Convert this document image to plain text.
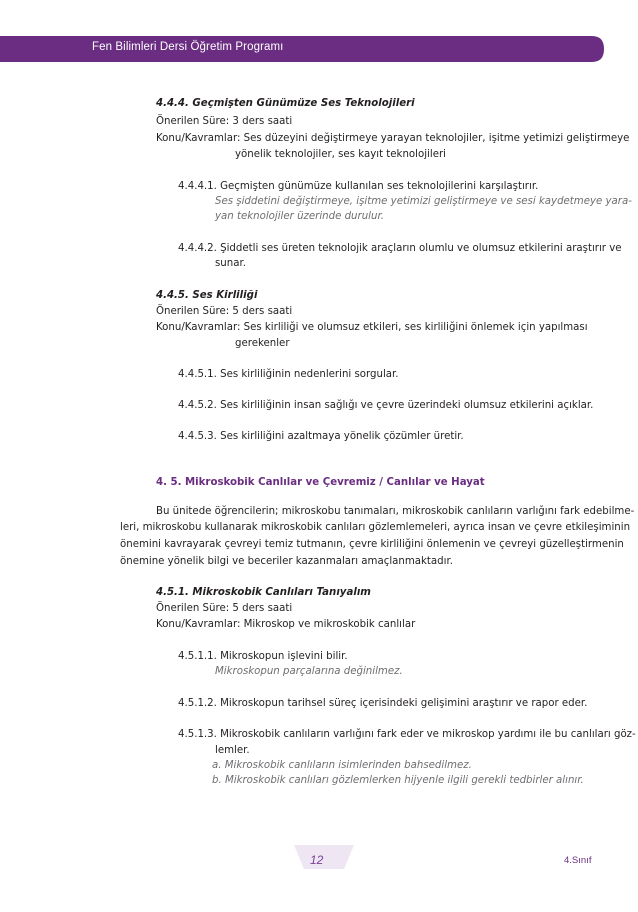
Fen Bilimleri Dersi Öğretim Programı
4.4.4. Geçmişten Günümüze Ses Teknolojileri
Önerilen Süre: 3 ders saati
Konu/Kavramlar: Ses düzeyini değiştirmeye yarayan teknolojiler, işitme yetimizi geliştirmeye
yönelik teknolojiler, ses kayıt teknolojileri
4.4.4.1. Geçmişten günümüze kullanılan ses teknolojilerini karşılaştırır.
Ses şiddetini değiştirmeye, işitme yetimizi geliştirmeye ve sesi kaydetmeye yara-
yan teknolojiler üzerinde durulur.
4.4.4.2. Şiddetli ses üreten teknolojik araçların olumlu ve olumsuz etkilerini araştırır ve
sunar.
4.4.5. Ses Kirliliği
Önerilen Süre: 5 ders saati
Konu/Kavramlar: Ses kirliliği ve olumsuz etkileri, ses kirliliğini önlemek için yapılması
gerekenler
4.4.5.1. Ses kirliliğinin nedenlerini sorgular.
4.4.5.2. Ses kirliliğinin insan sağlığı ve çevre üzerindeki olumsuz etkilerini açıklar.
4.4.5.3. Ses kirliliğini azaltmaya yönelik çözümler üretir.
4. 5. Mikroskobik Canlılar ve Çevremiz / Canlılar ve Hayat
Bu ünitede öğrencilerin; mikroskobu tanımaları, mikroskobik canlıların varlığını fark edebilme-
leri, mikroskobu kullanarak mikroskobik canlıları gözlemlemeleri, ayrıca insan ve çevre etkileşiminin
önemini kavrayarak çevreyi temiz tutmanın, çevre kirliliğini önlemenin ve çevreyi güzelleştirmenin
önemine yönelik bilgi ve beceriler kazanmaları amaçlanmaktadır.
4.5.1. Mikroskobik Canlıları Tanıyalım
Önerilen Süre: 5 ders saati
Konu/Kavramlar: Mikroskop ve mikroskobik canlılar
4.5.1.1. Mikroskopun işlevini bilir.
Mikroskopun parçalarına değinilmez.
4.5.1.2. Mikroskopun tarihsel süreç içerisindeki gelişimini araştırır ve rapor eder.
4.5.1.3. Mikroskobik canlıların varlığını fark eder ve mikroskop yardımı ile bu canlıları göz-
lemler.
a. Mikroskobik canlıların isimlerinden bahsedilmez.
b. Mikroskobik canlıları gözlemlerken hijyenle ilgili gerekli tedbirler alınır.
12	4.Sınıf
